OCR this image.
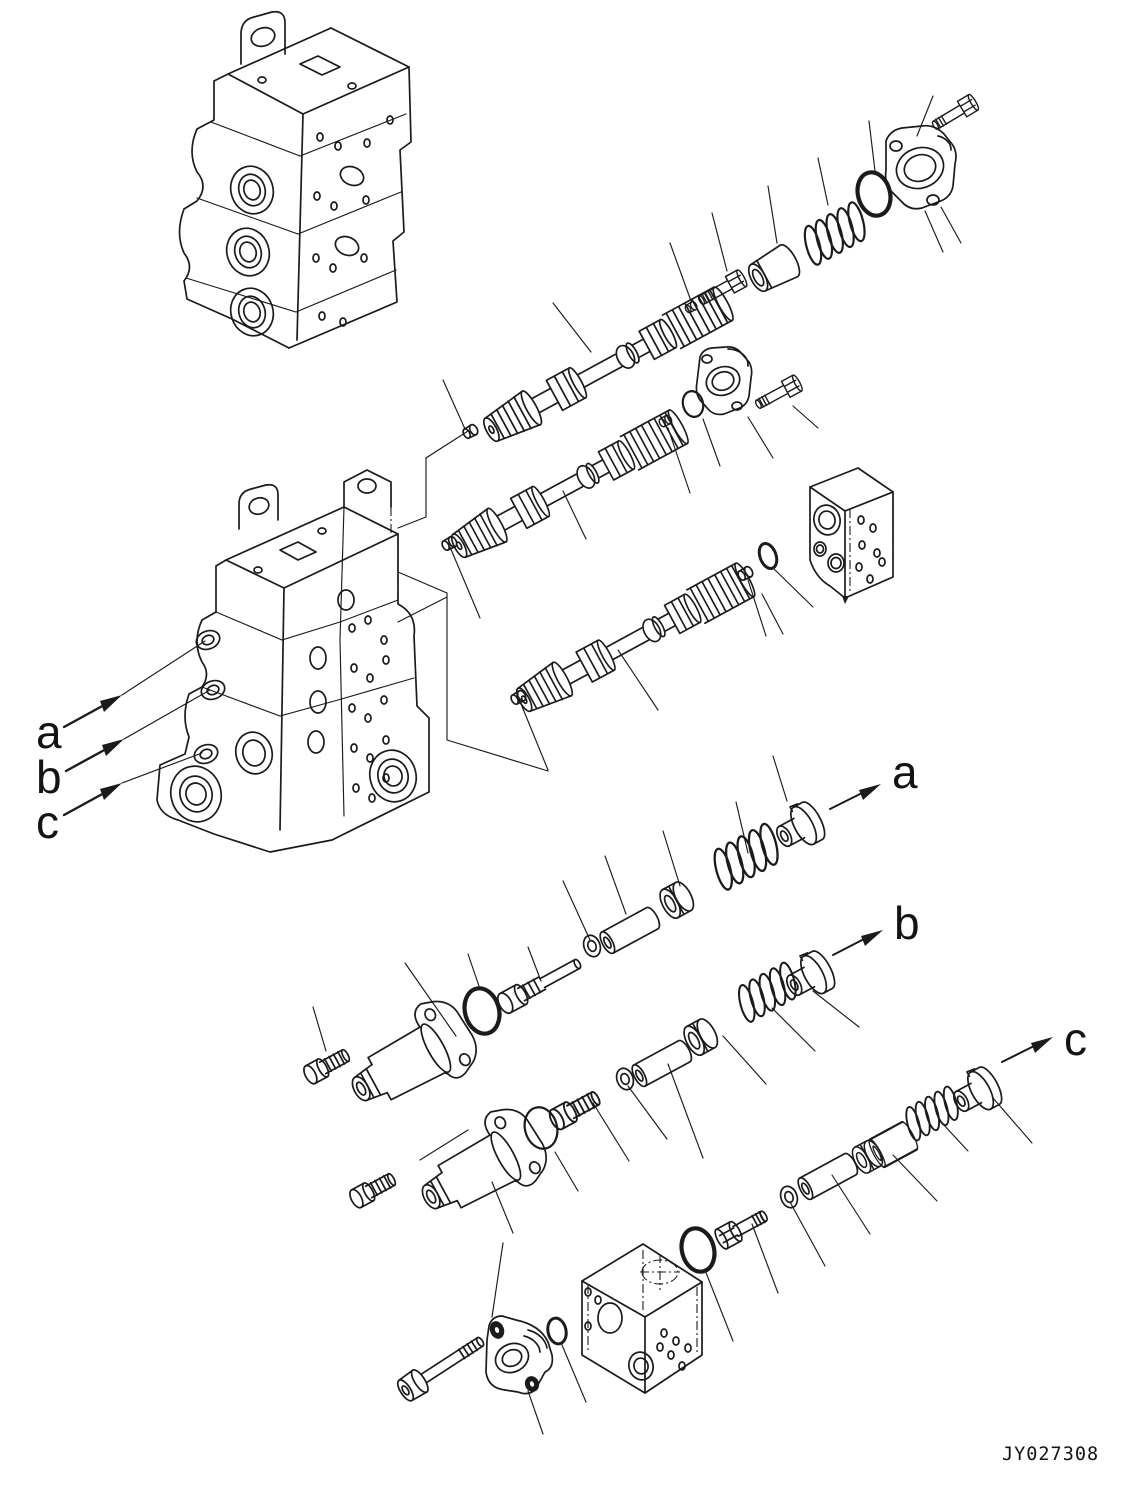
a
b
c
a
b
c
JY027308
